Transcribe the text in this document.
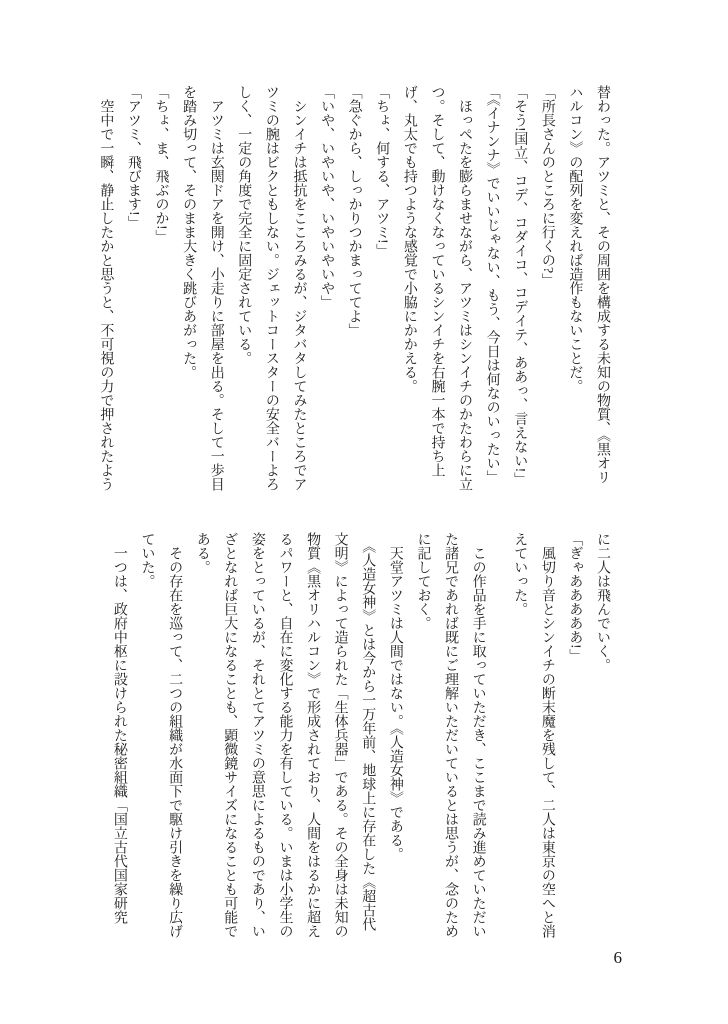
替わった。アツミと、その周囲を構成する未知の物質、《黒オリハルコン》の配列を変えれば造作もないことだ。

「所長さんのところに行くの?」

「そう!国立、コデ、コダイコ、コデイテ、ああっ、言えない!」

「《イナンナ》でいいじゃない、もう、今日は何なのいったい」

　ほっぺたを膨らませながら、アツミはシンイチのかたわらに立つ。そして、動けなくなっているシンイチを右腕一本で持ち上げ、丸太でも持つような感覚で小脇にかかえる。

「ちょ、何する、アツミ!」

「急ぐから、しっかりつかまっててよ」

「いや、いやいや、いやいやいや」

　シンイチは抵抗をこころみるが、ジタバタしてみたところでアツミの腕はビクともしない。ジェットコースターの安全バーよろしく、一定の角度で完全に固定されている。

　アツミは玄関ドアを開け、小走りに部屋を出る。そして一歩目を踏み切って、そのまま大きく跳びあがった。

「ちょ、ま、飛ぶのか!」

「アツミ、飛びます!」

　空中で一瞬、静止したかと思うと、不可視の力で押されたよう

に二人は飛んでいく。

「ぎゃあああああ!」

　風切り音とシンイチの断末魔を残して、二人は東京の空へと消えていった。

　この作品を手に取っていただき、ここまで読み進めていただいた諸兄であれば既にご理解いただいているとは思うが、念のために記しておく。

　天堂アツミは人間ではない。《人造女神》である。

　《人造女神》とは今から一万年前、地球上に存在した《超古代文明》によって造られた「生体兵器」である。その全身は未知の物質《黒オリハルコン》で形成されており、人間をはるかに超えるパワーと、自在に変化する能力を有している。いまは小学生の姿をとっているが、それとてアツミの意思によるものであり、いざとなれば巨大になることも、顕微鏡サイズになることも可能である。

　その存在を巡って、二つの組織が水面下で駆け引きを繰り広げていた。

　一つは、政府中枢に設けられた秘密組織「国立古代国家研究

6
